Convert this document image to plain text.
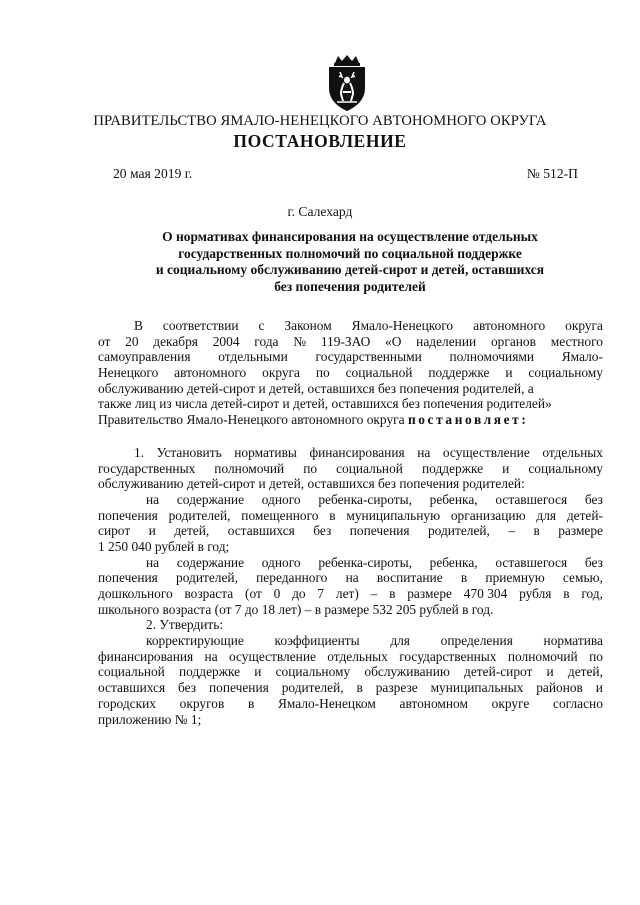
ПРАВИТЕЛЬСТВО ЯМАЛО-НЕНЕЦКОГО АВТОНОМНОГО ОКРУГА
ПОСТАНОВЛЕНИЕ
20 мая 2019 г.	№ 512-П
г. Салехард
О нормативах финансирования на осуществление отдельных
государственных полномочий по социальной поддержке
и социальному обслуживанию детей-сирот и детей, оставшихся
без попечения родителей
В соответствии с Законом Ямало-Ненецкого автономного округа
от 20 декабря 2004 года № 119-ЗАО «О наделении органов местного
самоуправления отдельными государственными полномочиями Ямало-
Ненецкого автономного округа по социальной поддержке и социальному
обслуживанию детей-сирот и детей, оставшихся без попечения родителей, а
также лиц из числа детей-сирот и детей, оставшихся без попечения родителей»
Правительство Ямало-Ненецкого автономного округа постановляет:
1. Установить нормативы финансирования на осуществление отдельных
государственных полномочий по социальной поддержке и социальному
обслуживанию детей-сирот и детей, оставшихся без попечения родителей:
на содержание одного ребенка-сироты, ребенка, оставшегося без
попечения родителей, помещенного в муниципальную организацию для детей-
сирот и детей, оставшихся без попечения родителей, – в размере
1 250 040 рублей в год;
на содержание одного ребенка-сироты, ребенка, оставшегося без
попечения родителей, переданного на воспитание в приемную семью,
дошкольного возраста (от 0 до 7 лет) – в размере 470 304 рубля в год,
школьного возраста (от 7 до 18 лет) – в размере 532 205 рублей в год.
2. Утвердить:
корректирующие коэффициенты для определения норматива
финансирования на осуществление отдельных государственных полномочий по
социальной поддержке и социальному обслуживанию детей-сирот и детей,
оставшихся без попечения родителей, в разрезе муниципальных районов и
городских округов в Ямало-Ненецком автономном округе согласно
приложению № 1;
